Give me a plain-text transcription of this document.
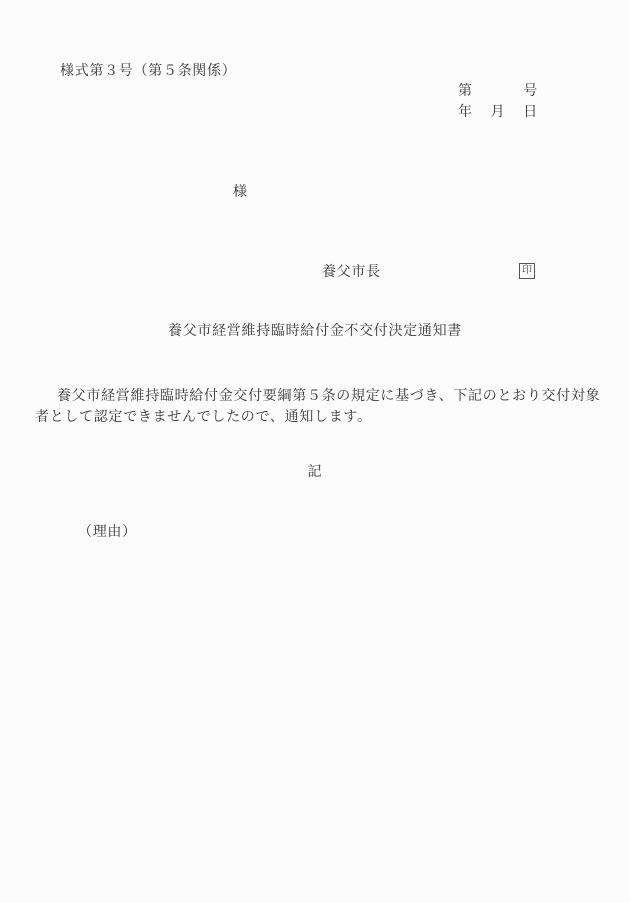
様式第３号（第５条関係）
第	号
年 月 日
様
養父市長	印
養父市経営維持臨時給付金不交付決定通知書
養父市経営維持臨時給付金交付要綱第５条の規定に基づき、下記のとおり交付対象
者として認定できませんでしたので、通知します。
記
（理由）
